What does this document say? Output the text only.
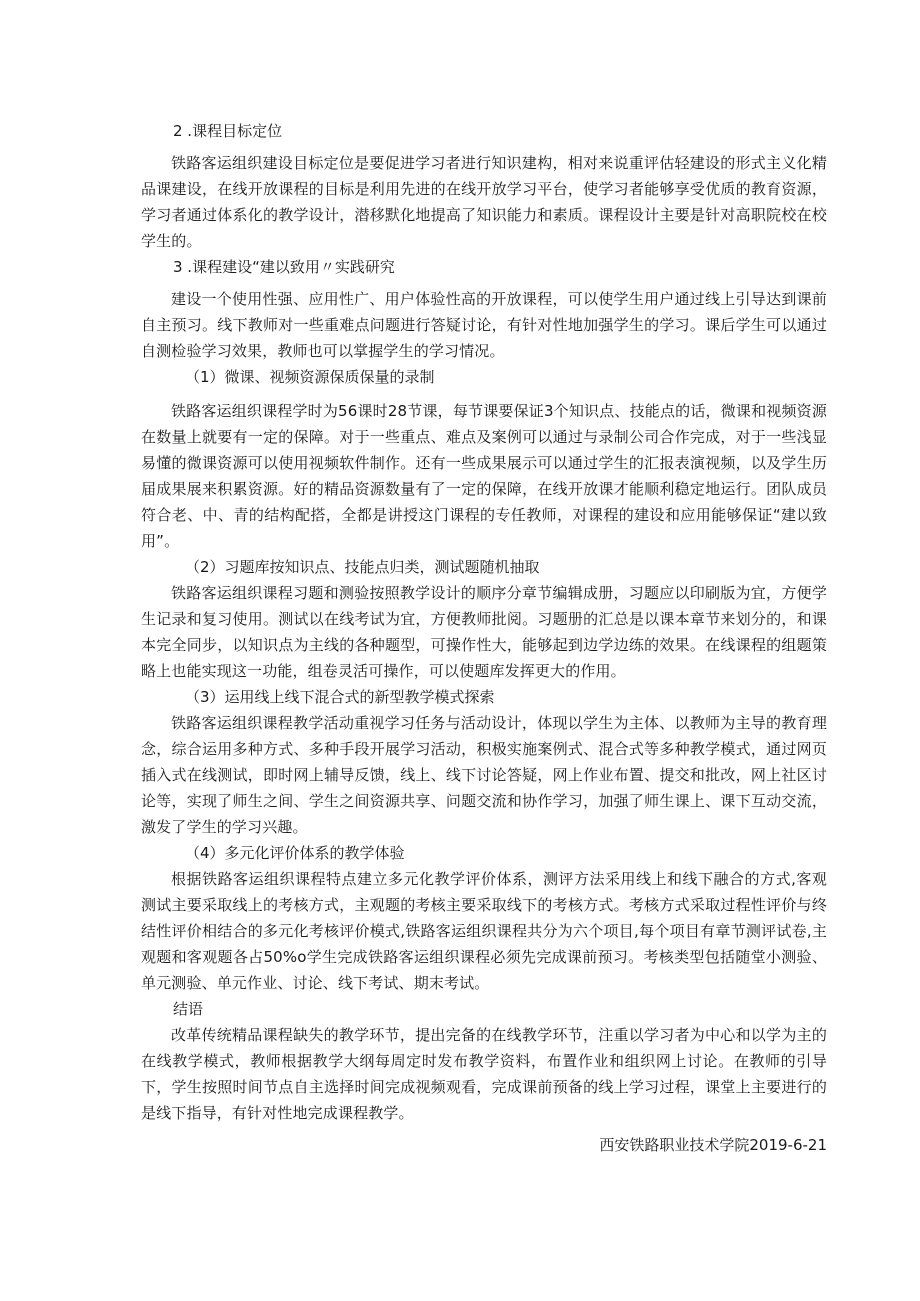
2 .课程目标定位

铁路客运组织建设目标定位是要促进学习者进行知识建构，相对来说重评估轻建设的形式主义化精品课建设，在线开放课程的目标是利用先进的在线开放学习平台，使学习者能够享受优质的教育资源，学习者通过体系化的教学设计，潜移默化地提高了知识能力和素质。课程设计主要是针对高职院校在校学生的。

3 .课程建设“建以致用〃实践研究

建设一个使用性强、应用性广、用户体验性高的开放课程，可以使学生用户通过线上引导达到课前自主预习。线下教师对一些重难点问题进行答疑讨论，有针对性地加强学生的学习。课后学生可以通过自测检验学习效果，教师也可以掌握学生的学习情况。

（1）微课、视频资源保质保量的录制

铁路客运组织课程学时为56课时28节课，每节课要保证3个知识点、技能点的话，微课和视频资源在数量上就要有一定的保障。对于一些重点、难点及案例可以通过与录制公司合作完成，对于一些浅显易懂的微课资源可以使用视频软件制作。还有一些成果展示可以通过学生的汇报表演视频，以及学生历届成果展来积累资源。好的精品资源数量有了一定的保障，在线开放课才能顺利稳定地运行。团队成员符合老、中、青的结构配搭，全都是讲授这门课程的专任教师，对课程的建设和应用能够保证“建以致用”。

（2）习题库按知识点、技能点归类，测试题随机抽取

铁路客运组织课程习题和测验按照教学设计的顺序分章节编辑成册，习题应以印刷版为宜，方便学生记录和复习使用。测试以在线考试为宜，方便教师批阅。习题册的汇总是以课本章节来划分的，和课本完全同步，以知识点为主线的各种题型，可操作性大，能够起到边学边练的效果。在线课程的组题策略上也能实现这一功能，组卷灵活可操作，可以使题库发挥更大的作用。

（3）运用线上线下混合式的新型教学模式探索

铁路客运组织课程教学活动重视学习任务与活动设计，体现以学生为主体、以教师为主导的教育理念，综合运用多种方式、多种手段开展学习活动，积极实施案例式、混合式等多种教学模式，通过网页插入式在线测试，即时网上辅导反馈，线上、线下讨论答疑，网上作业布置、提交和批改，网上社区讨论等，实现了师生之间、学生之间资源共享、问题交流和协作学习，加强了师生课上、课下互动交流，激发了学生的学习兴趣。

（4）多元化评价体系的教学体验

根据铁路客运组织课程特点建立多元化教学评价体系，测评方法采用线上和线下融合的方式,客观测试主要采取线上的考核方式，主观题的考核主要采取线下的考核方式。考核方式采取过程性评价与终结性评价相结合的多元化考核评价模式,铁路客运组织课程共分为六个项目,每个项目有章节测评试卷,主观题和客观题各占50%o学生完成铁路客运组织课程必须先完成课前预习。考核类型包括随堂小测验、单元测验、单元作业、讨论、线下考试、期末考试。

结语

改革传统精品课程缺失的教学环节，提出完备的在线教学环节，注重以学习者为中心和以学为主的在线教学模式，教师根据教学大纲每周定时发布教学资料，布置作业和组织网上讨论。在教师的引导下，学生按照时间节点自主选择时间完成视频观看，完成课前预备的线上学习过程，课堂上主要进行的是线下指导，有针对性地完成课程教学。

西安铁路职业技术学院2019-6-21
